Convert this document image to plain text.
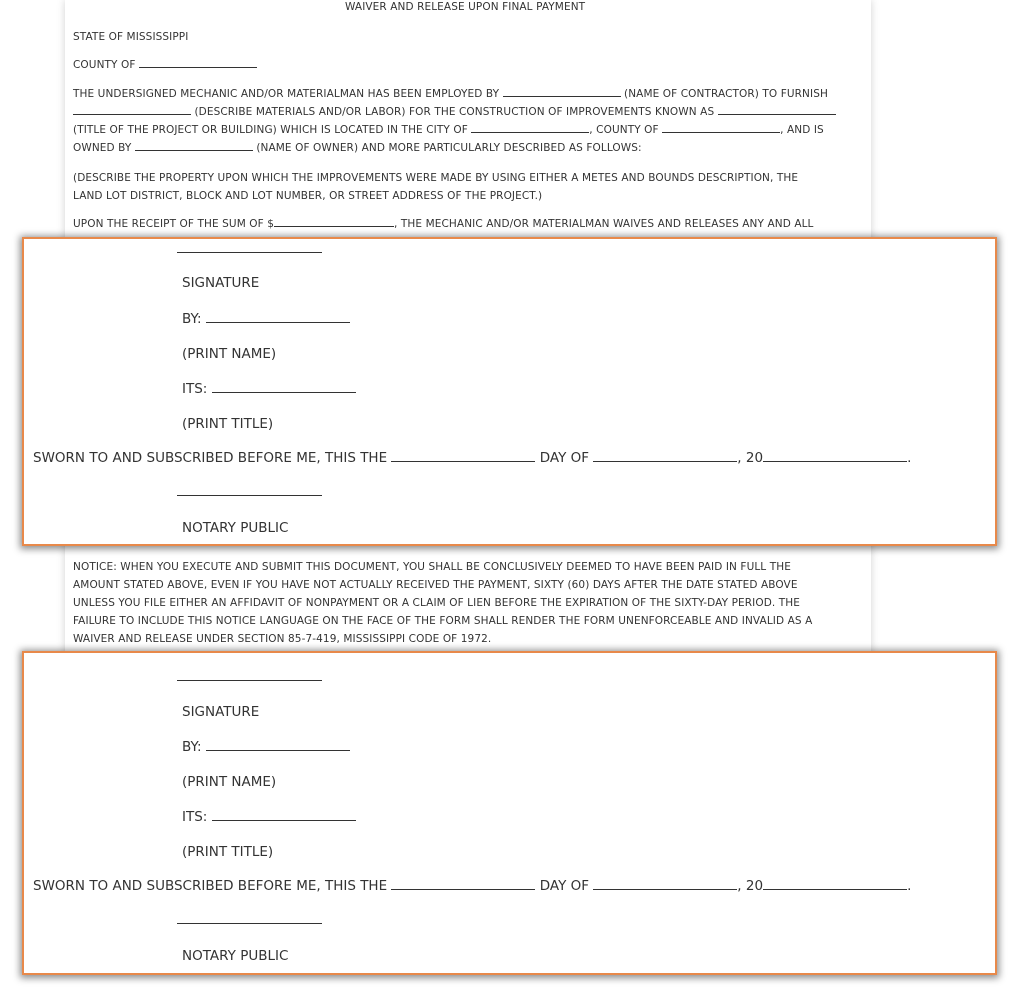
WAIVER AND RELEASE UPON FINAL PAYMENT
STATE OF MISSISSIPPI
COUNTY OF
THE UNDERSIGNED MECHANIC AND/OR MATERIALMAN HAS BEEN EMPLOYED BY	(NAME OF CONTRACTOR) TO FURNISH
(DESCRIBE MATERIALS AND/OR LABOR) FOR THE CONSTRUCTION OF IMPROVEMENTS KNOWN AS
(TITLE OF THE PROJECT OR BUILDING) WHICH IS LOCATED IN THE CITY OF	, COUNTY OF	, AND IS
OWNED BY	(NAME OF OWNER) AND MORE PARTICULARLY DESCRIBED AS FOLLOWS:
(DESCRIBE THE PROPERTY UPON WHICH THE IMPROVEMENTS WERE MADE BY USING EITHER A METES AND BOUNDS DESCRIPTION, THE
LAND LOT DISTRICT, BLOCK AND LOT NUMBER, OR STREET ADDRESS OF THE PROJECT.)
UPON THE RECEIPT OF THE SUM OF $	, THE MECHANIC AND/OR MATERIALMAN WAIVES AND RELEASES ANY AND ALL
NOTICE: WHEN YOU EXECUTE AND SUBMIT THIS DOCUMENT, YOU SHALL BE CONCLUSIVELY DEEMED TO HAVE BEEN PAID IN FULL THE
AMOUNT STATED ABOVE, EVEN IF YOU HAVE NOT ACTUALLY RECEIVED THE PAYMENT, SIXTY (60) DAYS AFTER THE DATE STATED ABOVE
UNLESS YOU FILE EITHER AN AFFIDAVIT OF NONPAYMENT OR A CLAIM OF LIEN BEFORE THE EXPIRATION OF THE SIXTY-DAY PERIOD. THE
FAILURE TO INCLUDE THIS NOTICE LANGUAGE ON THE FACE OF THE FORM SHALL RENDER THE FORM UNENFORCEABLE AND INVALID AS A
WAIVER AND RELEASE UNDER SECTION 85-7-419, MISSISSIPPI CODE OF 1972.
SIGNATURE
BY:
(PRINT NAME)
ITS:
(PRINT TITLE)
SWORN TO AND SUBSCRIBED BEFORE ME, THIS THE	DAY OF	, 20	.
NOTARY PUBLIC
SIGNATURE
BY:
(PRINT NAME)
ITS:
(PRINT TITLE)
SWORN TO AND SUBSCRIBED BEFORE ME, THIS THE	DAY OF	, 20	.
NOTARY PUBLIC
